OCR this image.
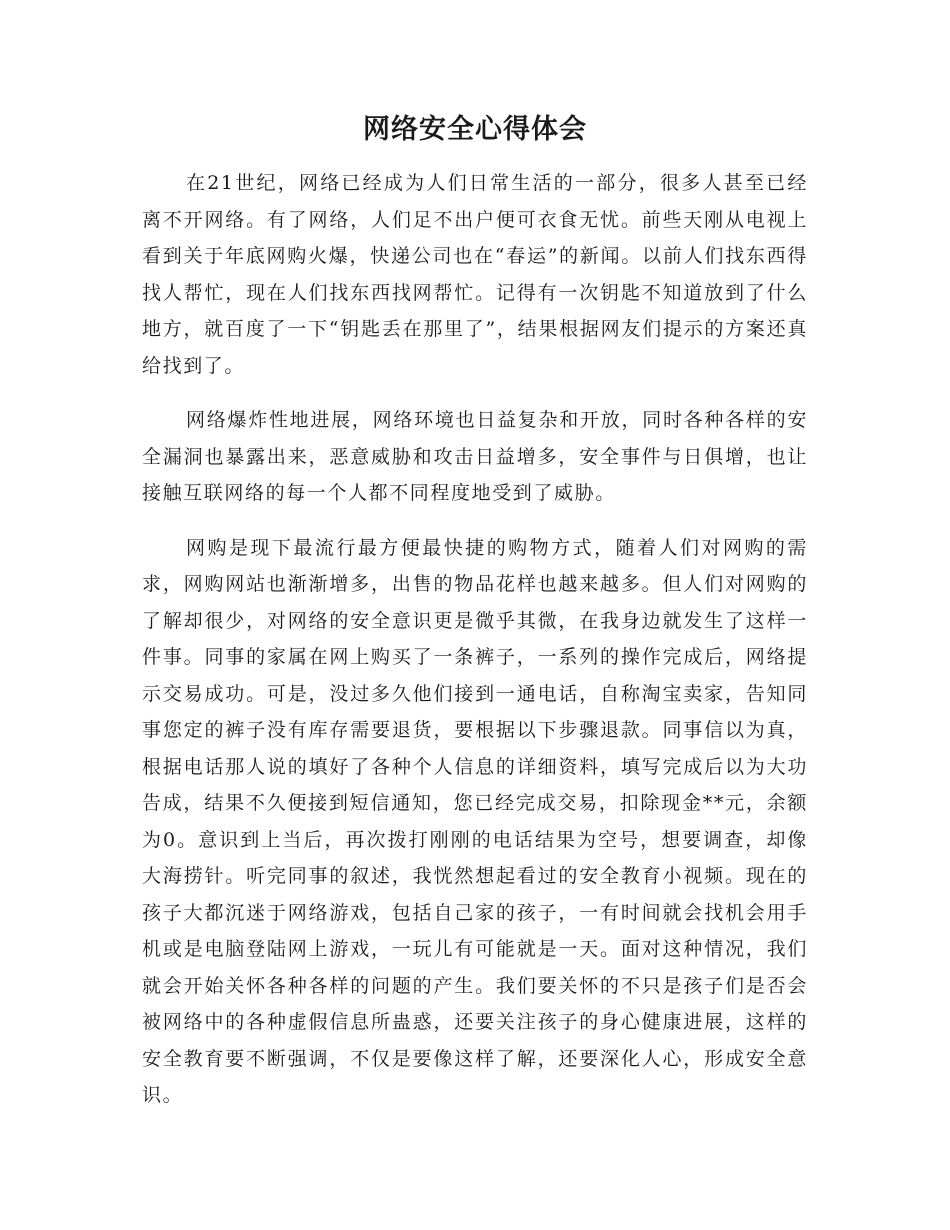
网络安全心得体会

在21世纪，网络已经成为人们日常生活的一部分，很多人甚至已经离不开网络。有了网络，人们足不出户便可衣食无忧。前些天刚从电视上看到关于年底网购火爆，快递公司也在“春运”的新闻。以前人们找东西得找人帮忙，现在人们找东西找网帮忙。记得有一次钥匙不知道放到了什么地方，就百度了一下“钥匙丢在那里了”，结果根据网友们提示的方案还真给找到了。

网络爆炸性地进展，网络环境也日益复杂和开放，同时各种各样的安全漏洞也暴露出来，恶意威胁和攻击日益增多，安全事件与日俱增，也让接触互联网络的每一个人都不同程度地受到了威胁。

网购是现下最流行最方便最快捷的购物方式，随着人们对网购的需求，网购网站也渐渐增多，出售的物品花样也越来越多。但人们对网购的了解却很少，对网络的安全意识更是微乎其微，在我身边就发生了这样一件事。同事的家属在网上购买了一条裤子，一系列的操作完成后，网络提示交易成功。可是，没过多久他们接到一通电话，自称淘宝卖家，告知同事您定的裤子没有库存需要退货，要根据以下步骤退款。同事信以为真，根据电话那人说的填好了各种个人信息的详细资料，填写完成后以为大功告成，结果不久便接到短信通知，您已经完成交易，扣除现金**元，余额为0。意识到上当后，再次拨打刚刚的电话结果为空号，想要调查，却像大海捞针。听完同事的叙述，我恍然想起看过的安全教育小视频。现在的孩子大都沉迷于网络游戏，包括自己家的孩子，一有时间就会找机会用手机或是电脑登陆网上游戏，一玩儿有可能就是一天。面对这种情况，我们就会开始关怀各种各样的问题的产生。我们要关怀的不只是孩子们是否会被网络中的各种虚假信息所蛊惑，还要关注孩子的身心健康进展，这样的安全教育要不断强调，不仅是要像这样了解，还要深化人心，形成安全意识。
